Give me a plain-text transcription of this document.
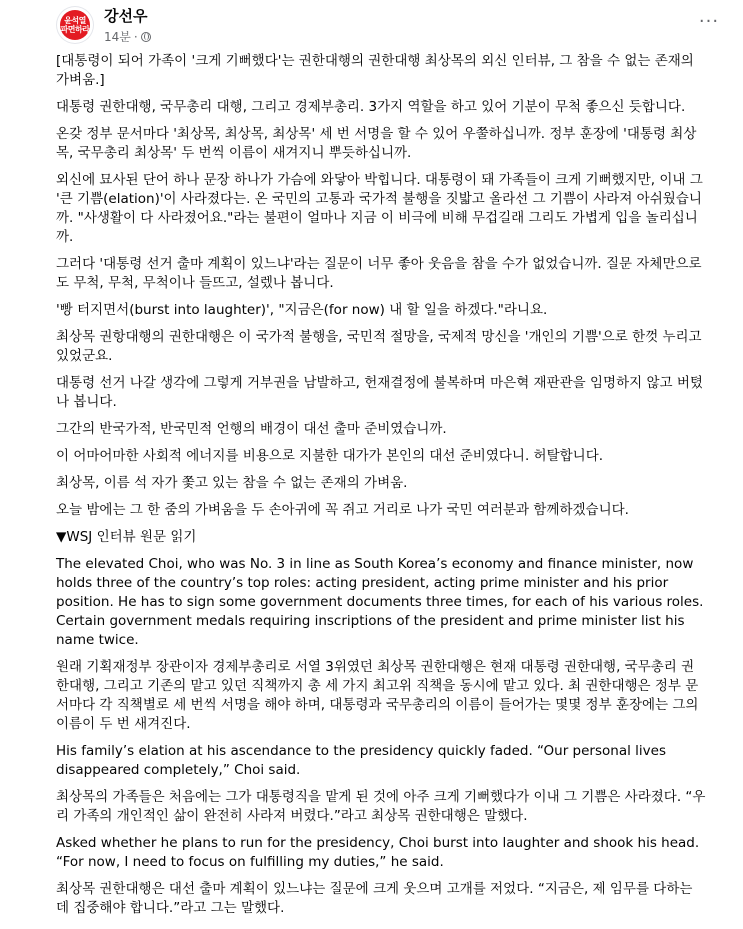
윤석열
파면하라
강선우
14분 ·
···

[대통령이 되어 가족이 '크게 기뻐했다'는 권한대행의 권한대행 최상목의 외신 인터뷰, 그 참을 수 없는 존재의 가벼움.]

대통령 권한대행, 국무총리 대행, 그리고 경제부총리. 3가지 역할을 하고 있어 기분이 무척 좋으신 듯합니다.

온갖 정부 문서마다 '최상목, 최상목, 최상목' 세 번 서명을 할 수 있어 우쭐하십니까. 정부 훈장에 '대통령 최상목, 국무총리 최상목' 두 번씩 이름이 새겨지니 뿌듯하십니까.

외신에 묘사된 단어 하나 문장 하나가 가슴에 와닿아 박힙니다. 대통령이 돼 가족들이 크게 기뻐했지만, 이내 그 '큰 기쁨(elation)'이 사라졌다는. 온 국민의 고통과 국가적 불행을 짓밟고 올라선 그 기쁨이 사라져 아쉬웠습니까. "사생활이 다 사라졌어요."라는 불편이 얼마나 지금 이 비극에 비해 무겁길래 그리도 가볍게 입을 놀리십니까.

그러다 '대통령 선거 출마 계획이 있느냐'라는 질문이 너무 좋아 웃음을 참을 수가 없었습니까. 질문 자체만으로도 무척, 무척, 무척이나 들뜨고, 설렜나 봅니다.

'빵 터지면서(burst into laughter)', "지금은(for now) 내 할 일을 하겠다."라니요.

최상목 권항대행의 권한대행은 이 국가적 불행을, 국민적 절망을, 국제적 망신을 '개인의 기쁨'으로 한껏 누리고 있었군요.

대통령 선거 나갈 생각에 그렇게 거부권을 남발하고, 헌재결정에 불복하며 마은혁 재판관을 임명하지 않고 버텼나 봅니다.

그간의 반국가적, 반국민적 언행의 배경이 대선 출마 준비였습니까.

이 어마어마한 사회적 에너지를 비용으로 지불한 대가가 본인의 대선 준비였다니. 허탈합니다.

최상목, 이름 석 자가 쫓고 있는 참을 수 없는 존재의 가벼움.

오늘 밤에는 그 한 줌의 가벼움을 두 손아귀에 꼭 쥐고 거리로 나가 국민 여러분과 함께하겠습니다.

▼WSJ 인터뷰 원문 읽기

The elevated Choi, who was No. 3 in line as South Korea’s economy and finance minister, now holds three of the country’s top roles: acting president, acting prime minister and his prior position. He has to sign some government documents three times, for each of his various roles. Certain government medals requiring inscriptions of the president and prime minister list his name twice.

원래 기획재정부 장관이자 경제부총리로 서열 3위였던 최상목 권한대행은 현재 대통령 권한대행, 국무총리 권한대행, 그리고 기존의 맡고 있던 직책까지 총 세 가지 최고위 직책을 동시에 맡고 있다. 최 권한대행은 정부 문서마다 각 직책별로 세 번씩 서명을 해야 하며, 대통령과 국무총리의 이름이 들어가는 몇몇 정부 훈장에는 그의 이름이 두 번 새겨진다.

His family’s elation at his ascendance to the presidency quickly faded. “Our personal lives disappeared completely,” Choi said.

최상목의 가족들은 처음에는 그가 대통령직을 맡게 된 것에 아주 크게 기뻐했다가 이내 그 기쁨은 사라졌다. “우리 가족의 개인적인 삶이 완전히 사라져 버렸다.”라고 최상목 권한대행은 말했다.

Asked whether he plans to run for the presidency, Choi burst into laughter and shook his head. “For now, I need to focus on fulfilling my duties,” he said.

최상목 권한대행은 대선 출마 계획이 있느냐는 질문에 크게 웃으며 고개를 저었다. “지금은, 제 임무를 다하는 데 집중해야 합니다.”라고 그는 말했다.
